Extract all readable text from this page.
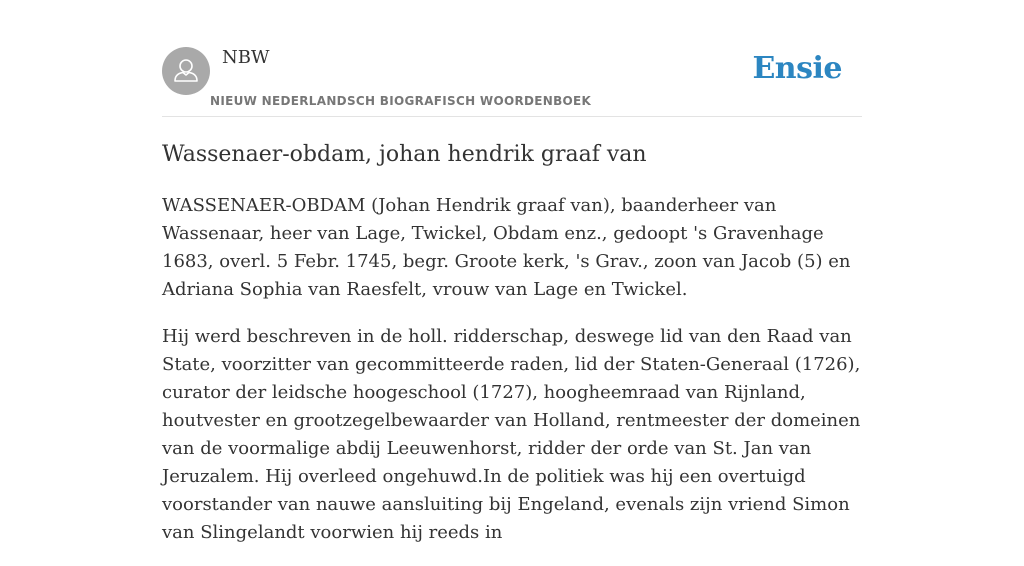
NBW
NIEUW NEDERLANDSCH BIOGRAFISCH WOORDENBOEK
Ensie
Wassenaer-obdam, johan hendrik graaf van

WASSENAER-OBDAM (Johan Hendrik graaf van), baanderheer van Wassenaar, heer van Lage, Twickel, Obdam enz., gedoopt 's Gravenhage 1683, overl. 5 Febr. 1745, begr. Groote kerk, 's Grav., zoon van Jacob (5) en Adriana Sophia van Raesfelt, vrouw van Lage en Twickel.

Hij werd beschreven in de holl. ridderschap, deswege lid van den Raad van State, voorzitter van gecommitteerde raden, lid der Staten-Generaal (1726), curator der leidsche hoogeschool (1727), hoogheemraad van Rijnland, houtvester en grootzegelbewaarder van Holland, rentmeester der domeinen van de voormalige abdij Leeuwenhorst, ridder der orde van St. Jan van Jeruzalem. Hij overleed ongehuwd.In de politiek was hij een overtuigd voorstander van nauwe aansluiting bij Engeland, evenals zijn vriend Simon van Slingelandt voorwien hij reeds in
